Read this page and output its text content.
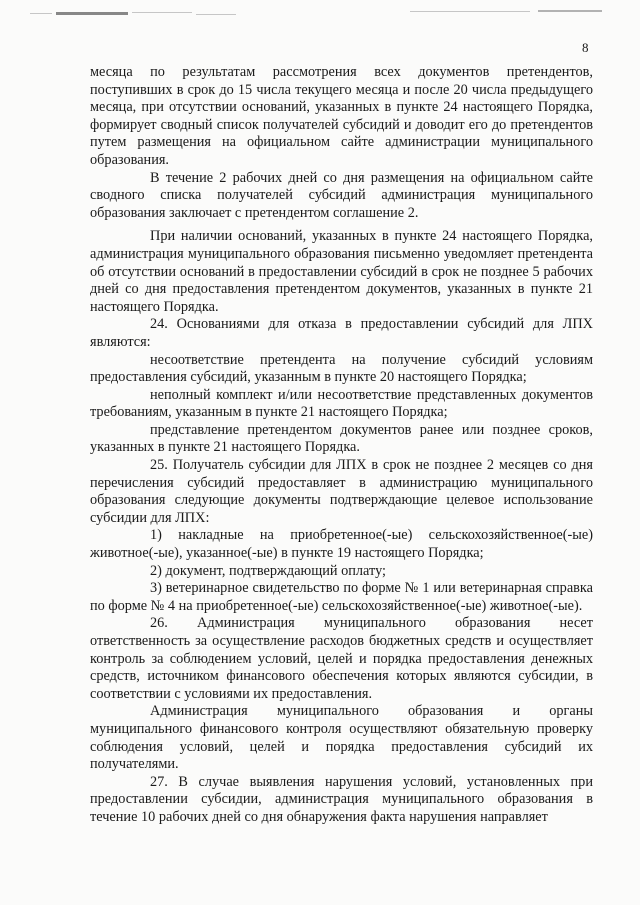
8

месяца по результатам рассмотрения всех документов претендентов, поступивших в срок до 15 числа текущего месяца и после 20 числа предыдущего месяца, при отсутствии оснований, указанных в пункте 24 настоящего Порядка, формирует сводный список получателей субсидий и доводит его до претендентов путем размещения на официальном сайте администрации муниципального образования.

В течение 2 рабочих дней со дня размещения на официальном сайте сводного списка получателей субсидий администрация муниципального образования заключает с претендентом соглашение 2.

При наличии оснований, указанных в пункте 24 настоящего Порядка, администрация муниципального образования письменно уведомляет претендента об отсутствии оснований в предоставлении субсидий в срок не позднее 5 рабочих дней со дня предоставления претендентом документов, указанных в пункте 21 настоящего Порядка.

24. Основаниями для отказа в предоставлении субсидий для ЛПХ являются:

несоответствие претендента на получение субсидий условиям предоставления субсидий, указанным в пункте 20 настоящего Порядка;

неполный комплект и/или несоответствие представленных документов требованиям, указанным в пункте 21 настоящего Порядка;

представление претендентом документов ранее или позднее сроков, указанных в пункте 21 настоящего Порядка.

25. Получатель субсидии для ЛПХ в срок не позднее 2 месяцев со дня перечисления субсидий предоставляет в администрацию муниципального образования следующие документы подтверждающие целевое использование субсидии для ЛПХ:

1) накладные на приобретенное(-ые) сельскохозяйственное(-ые) животное(-ые), указанное(-ые) в пункте 19 настоящего Порядка;

2) документ, подтверждающий оплату;

3) ветеринарное свидетельство по форме № 1 или ветеринарная справка по форме № 4 на приобретенное(-ые) сельскохозяйственное(-ые) животное(-ые).

26. Администрация муниципального образования несет ответственность за осуществление расходов бюджетных средств и осуществляет контроль за соблюдением условий, целей и порядка предоставления денежных средств, источником финансового обеспечения которых являются субсидии, в соответствии с условиями их предоставления.

Администрация муниципального образования и органы муниципального финансового контроля осуществляют обязательную проверку соблюдения условий, целей и порядка предоставления субсидий их получателями.

27. В случае выявления нарушения условий, установленных при предоставлении субсидии, администрация муниципального образования в течение 10 рабочих дней со дня обнаружения факта нарушения направляет
